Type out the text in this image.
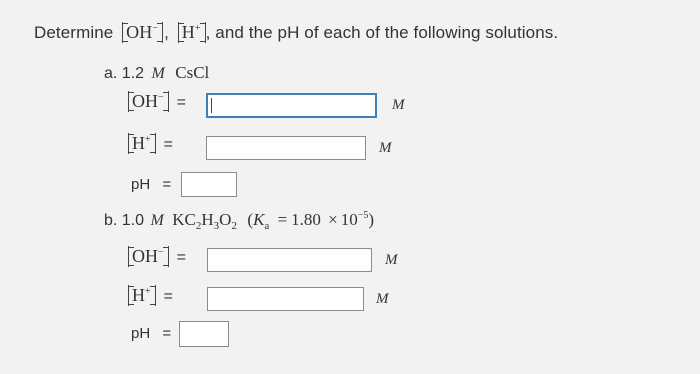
Determine OH− , H+ , and the pH of each of the following solutions.
a. 1.2 M CsCl
OH− =	M
H+ =	M
pH =
b. 1.0 M $KC_2H_3O_2$ $(K_a = 1.80 \times 10^{-5})$
OH− =	M
H+ =	M
pH =
